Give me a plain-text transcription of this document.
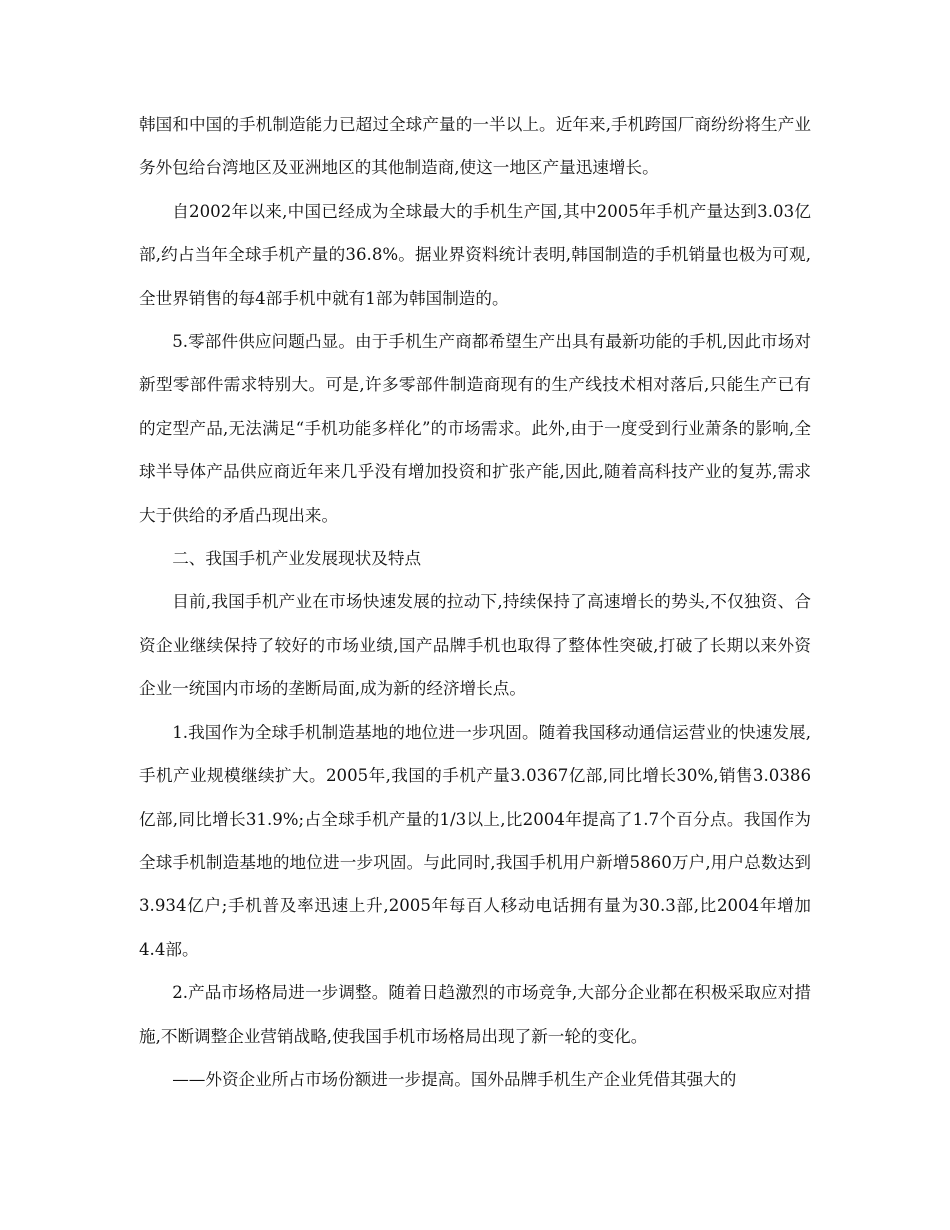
韩国和中国的手机制造能力已超过全球产量的一半以上。近年来,手机跨国厂商纷纷将生产业务外包给台湾地区及亚洲地区的其他制造商,使这一地区产量迅速增长。

自2002年以来,中国已经成为全球最大的手机生产国,其中2005年手机产量达到3.03亿部,约占当年全球手机产量的36.8%。据业界资料统计表明,韩国制造的手机销量也极为可观,全世界销售的每4部手机中就有1部为韩国制造的。

5.零部件供应问题凸显。由于手机生产商都希望生产出具有最新功能的手机,因此市场对新型零部件需求特别大。可是,许多零部件制造商现有的生产线技术相对落后,只能生产已有的定型产品,无法满足“手机功能多样化”的市场需求。此外,由于一度受到行业萧条的影响,全球半导体产品供应商近年来几乎没有增加投资和扩张产能,因此,随着高科技产业的复苏,需求大于供给的矛盾凸现出来。

二、我国手机产业发展现状及特点

目前,我国手机产业在市场快速发展的拉动下,持续保持了高速增长的势头,不仅独资、合资企业继续保持了较好的市场业绩,国产品牌手机也取得了整体性突破,打破了长期以来外资企业一统国内市场的垄断局面,成为新的经济增长点。

1.我国作为全球手机制造基地的地位进一步巩固。随着我国移动通信运营业的快速发展,手机产业规模继续扩大。2005年,我国的手机产量3.0367亿部,同比增长30%,销售3.0386亿部,同比增长31.9%;占全球手机产量的1/3以上,比2004年提高了1.7个百分点。我国作为全球手机制造基地的地位进一步巩固。与此同时,我国手机用户新增5860万户,用户总数达到3.934亿户;手机普及率迅速上升,2005年每百人移动电话拥有量为30.3部,比2004年增加4.4部。

2.产品市场格局进一步调整。随着日趋激烈的市场竞争,大部分企业都在积极采取应对措施,不断调整企业营销战略,使我国手机市场格局出现了新一轮的变化。

——外资企业所占市场份额进一步提高。国外品牌手机生产企业凭借其强大的
